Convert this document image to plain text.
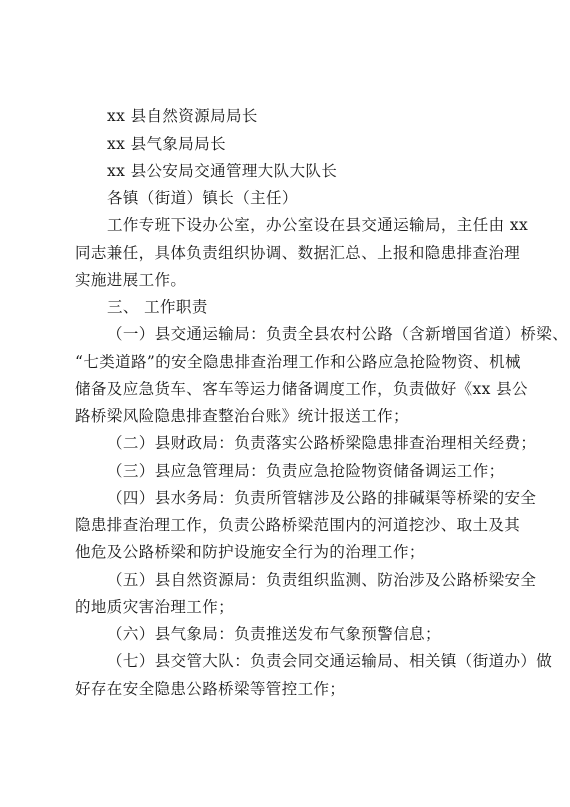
xx 县自然资源局局长
xx 县气象局局长
xx 县公安局交通管理大队大队长
各镇（街道）镇长（主任）
工作专班下设办公室，办公室设在县交通运输局，主任由 xx
同志兼任，具体负责组织协调、数据汇总、上报和隐患排查治理
实施进展工作。
三、 工作职责
（一）县交通运输局：负责全县农村公路（含新增国省道）桥梁、
“七类道路”的安全隐患排查治理工作和公路应急抢险物资、机械
储备及应急货车、客车等运力储备调度工作，负责做好《xx 县公
路桥梁风险隐患排查整治台账》统计报送工作；
（二）县财政局：负责落实公路桥梁隐患排查治理相关经费；
（三）县应急管理局：负责应急抢险物资储备调运工作；
（四）县水务局：负责所管辖涉及公路的排碱渠等桥梁的安全
隐患排查治理工作，负责公路桥梁范围内的河道挖沙、取土及其
他危及公路桥梁和防护设施安全行为的治理工作；
（五）县自然资源局：负责组织监测、防治涉及公路桥梁安全
的地质灾害治理工作；
（六）县气象局：负责推送发布气象预警信息；
（七）县交管大队：负责会同交通运输局、相关镇（街道办）做
好存在安全隐患公路桥梁等管控工作；
